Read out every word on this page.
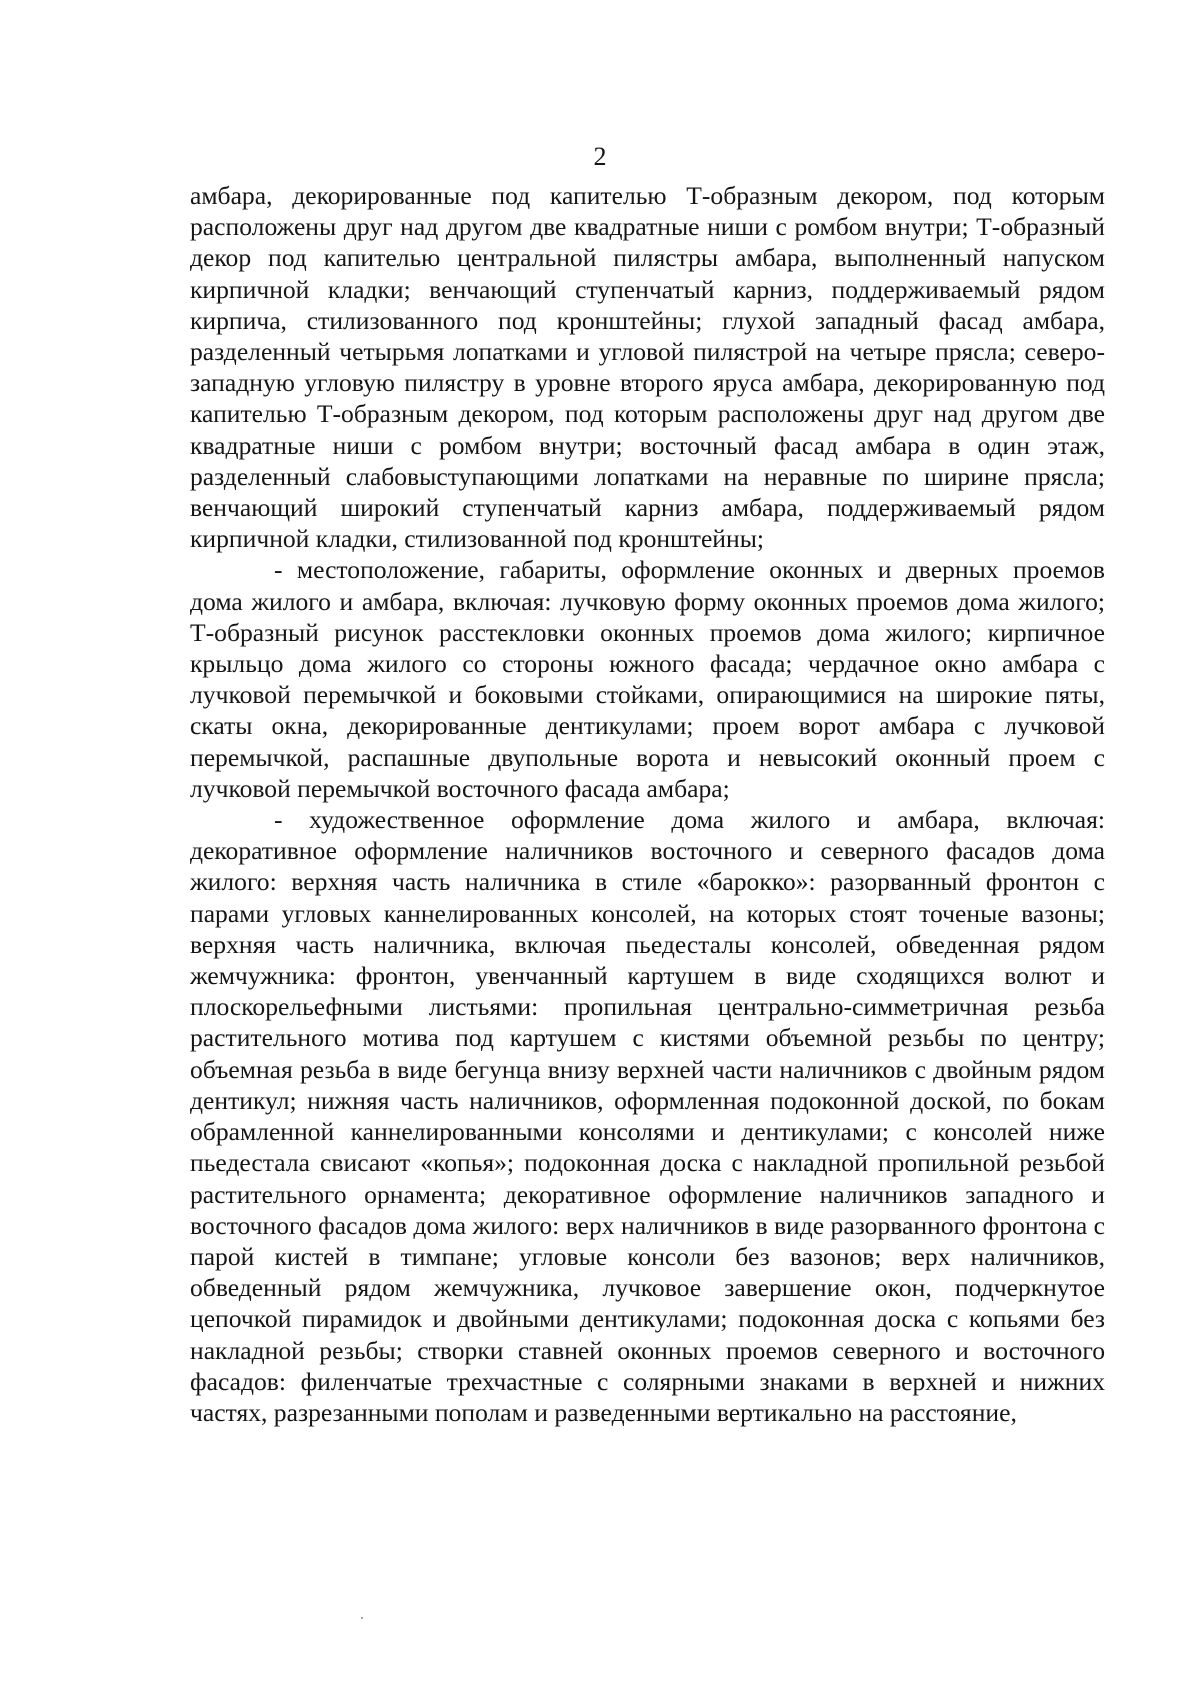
2

амбара, декорированные под капителью Т-образным декором, под которым расположены друг над другом две квадратные ниши с ромбом внутри; Т-образный декор под капителью центральной пилястры амбара, выполненный напуском кирпичной кладки; венчающий ступенчатый карниз, поддерживаемый рядом кирпича, стилизованного под кронштейны; глухой западный фасад амбара, разделенный четырьмя лопатками и угловой пилястрой на четыре прясла; северо-западную угловую пилястру в уровне второго яруса амбара, декорированную под капителью Т-образным декором, под которым расположены друг над другом две квадратные ниши с ромбом внутри; восточный фасад амбара в один этаж, разделенный слабовыступающими лопатками на неравные по ширине прясла; венчающий широкий ступенчатый карниз амбара, поддерживаемый рядом кирпичной кладки, стилизованной под кронштейны;

- местоположение, габариты, оформление оконных и дверных проемов дома жилого и амбара, включая: лучковую форму оконных проемов дома жилого; Т-образный рисунок расстекловки оконных проемов дома жилого; кирпичное крыльцо дома жилого со стороны южного фасада; чердачное окно амбара с лучковой перемычкой и боковыми стойками, опирающимися на широкие пяты, скаты окна, декорированные дентикулами; проем ворот амбара с лучковой перемычкой, распашные двупольные ворота и невысокий оконный проем с лучковой перемычкой восточного фасада амбара;

- художественное оформление дома жилого и амбара, включая: декоративное оформление наличников восточного и северного фасадов дома жилого: верхняя часть наличника в стиле «барокко»: разорванный фронтон с парами угловых каннелированных консолей, на которых стоят точеные вазоны; верхняя часть наличника, включая пьедесталы консолей, обведенная рядом жемчужника: фронтон, увенчанный картушем в виде сходящихся волют и плоскорельефными листьями: пропильная центрально-симметричная резьба растительного мотива под картушем с кистями объемной резьбы по центру; объемная резьба в виде бегунца внизу верхней части наличников с двойным рядом дентикул; нижняя часть наличников, оформленная подоконной доской, по бокам обрамленной каннелированными консолями и дентикулами; с консолей ниже пьедестала свисают «копья»; подоконная доска с накладной пропильной резьбой растительного орнамента; декоративное оформление наличников западного и восточного фасадов дома жилого: верх наличников в виде разорванного фронтона с парой кистей в тимпане; угловые консоли без вазонов; верх наличников, обведенный рядом жемчужника, лучковое завершение окон, подчеркнутое цепочкой пирамидок и двойными дентикулами; подоконная доска с копьями без накладной резьбы; створки ставней оконных проемов северного и восточного фасадов: филенчатые трехчастные с солярными знаками в верхней и нижних частях, разрезанными пополам и разведенными вертикально на расстояние,
